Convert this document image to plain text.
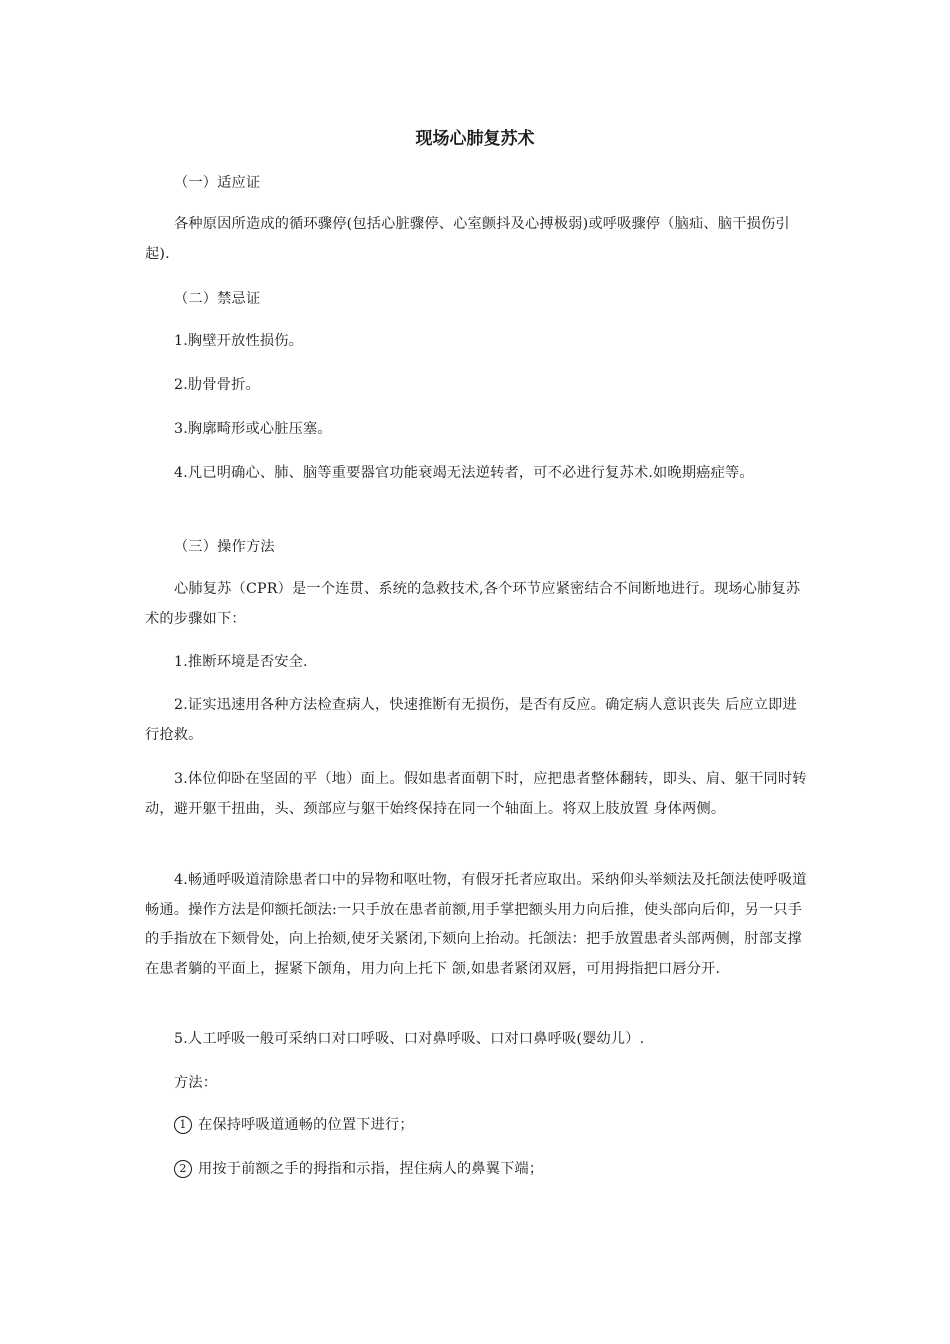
现场心肺复苏术
（一）适应证
各种原因所造成的循环骤停(包括心脏骤停、心室颤抖及心搏极弱)或呼吸骤停（脑疝、脑干损伤引起).
（二）禁忌证
1.胸壁开放性损伤。
2.肋骨骨折。
3.胸廓畸形或心脏压塞。
4.凡已明确心、肺、脑等重要器官功能衰竭无法逆转者，可不必进行复苏术.如晚期癌症等。
（三）操作方法
心肺复苏（CPR）是一个连贯、系统的急救技术,各个环节应紧密结合不间断地进行。现场心肺复苏术的步骤如下：
1.推断环境是否安全.
2.证实迅速用各种方法检查病人，快速推断有无损伤，是否有反应。确定病人意识丧失 后应立即进行抢救。
3.体位仰卧在坚固的平（地）面上。假如患者面朝下时，应把患者整体翻转，即头、肩、躯干同时转动，避开躯干扭曲，头、颈部应与躯干始终保持在同一个轴面上。将双上肢放置 身体两侧。
4.畅通呼吸道清除患者口中的异物和呕吐物，有假牙托者应取出。采纳仰头举颏法及托颌法使呼吸道畅通。操作方法是仰额托颌法:一只手放在患者前额,用手掌把额头用力向后推，使头部向后仰，另一只手的手指放在下颏骨处，向上抬颏,使牙关紧闭,下颏向上抬动。托颌法：把手放置患者头部两侧，肘部支撑在患者躺的平面上，握紧下颌角，用力向上托下 颌,如患者紧闭双唇，可用拇指把口唇分开.
5.人工呼吸一般可采纳口对口呼吸、口对鼻呼吸、口对口鼻呼吸(婴幼儿）.
方法：
1 在保持呼吸道通畅的位置下进行；
2 用按于前额之手的拇指和示指，捏住病人的鼻翼下端；
